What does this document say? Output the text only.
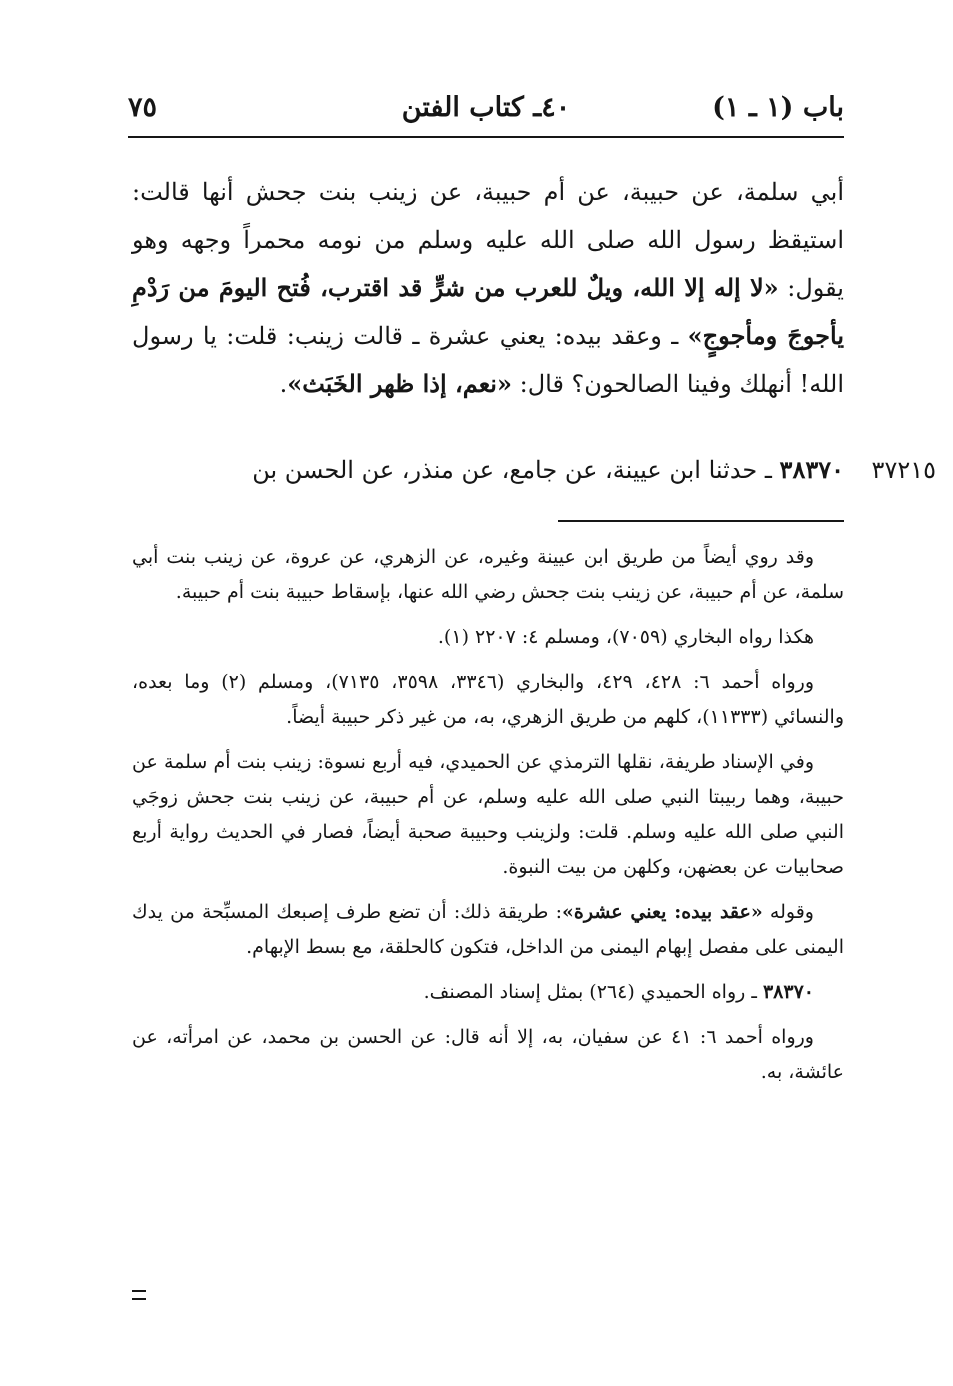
باب (١ ـ ١)
٤٠ـ كتاب الفتن
٧٥
أبي سلمة، عن حبيبة، عن أم حبيبة، عن زينب بنت جحش أنها قالت: استيقظ رسول الله صلى الله عليه وسلم من نومه محمراً وجهه وهو يقول: «لا إله إلا الله، ويلٌ للعرب من شرٍّ قد اقترب، فُتح اليومَ من رَدْمِ يأجوجَ ومأجوجٍ» ـ وعقد بيده: يعني عشرة ـ قالت زينب: قلت: يا رسول الله! أنهلك وفينا الصالحون؟ قال: «نعم، إذا ظهر الخَبَث».
٣٧٢١٥
٣٨٣٧٠ ـ حدثنا ابن عيينة، عن جامع، عن منذر، عن الحسن بن

وقد روي أيضاً من طريق ابن عيينة وغيره، عن الزهري، عن عروة، عن زينب بنت أبي سلمة، عن أم حبيبة، عن زينب بنت جحش رضي الله عنها، بإسقاط حبيبة بنت أم حبيبة.

هكذا رواه البخاري (٧٠٥٩)، ومسلم ٤: ٢٢٠٧ (١).

ورواه أحمد ٦: ٤٢٨، ٤٢٩، والبخاري (٣٣٤٦، ٣٥٩٨، ٧١٣٥)، ومسلم (٢) وما بعده، والنسائي (١١٣٣٣)، كلهم من طريق الزهري، به، من غير ذكر حبيبة أيضاً.

وفي الإسناد طريفة، نقلها الترمذي عن الحميدي، فيه أربع نسوة: زينب بنت أم سلمة عن حبيبة، وهما ربيبتا النبي صلى الله عليه وسلم، عن أم حبيبة، عن زينب بنت جحش زوجَي النبي صلى الله عليه وسلم. قلت: ولزينب وحبيبة صحبة أيضاً، فصار في الحديث رواية أربع صحابيات عن بعضهن، وكلهن من بيت النبوة.

وقوله «عقد بيده: يعني عشرة»: طريقة ذلك: أن تضع طرف إصبعك المسبِّحة من يدك اليمنى على مفصل إبهام اليمنى من الداخل، فتكون كالحلقة، مع بسط الإبهام.

٣٨٣٧٠ ـ رواه الحميدي (٢٦٤) بمثل إسناد المصنف.

ورواه أحمد ٦: ٤١ عن سفيان، به، إلا أنه قال: عن الحسن بن محمد، عن امرأته، عن عائشة، به.
